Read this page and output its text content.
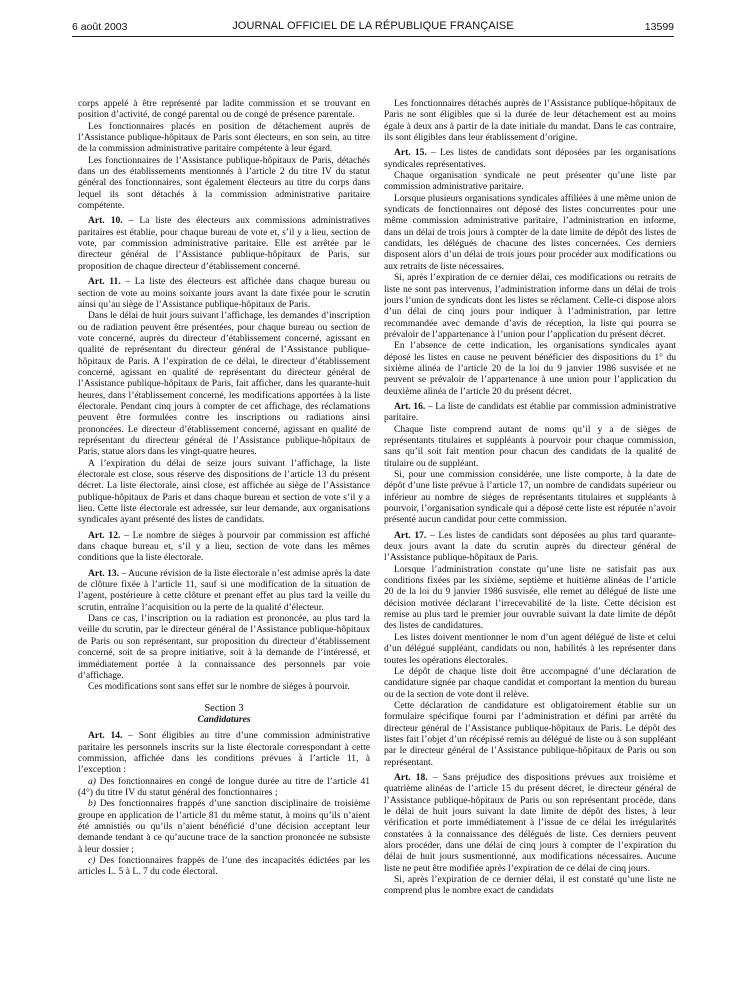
6 août 2003	JOURNAL OFFICIEL DE LA RÉPUBLIQUE FRANÇAISE	13599

corps appelé à être représenté par ladite commission et se trouvant en position d’activité, de congé parental ou de congé de présence parentale.

Les fonctionnaires placés en position de détachement auprès de l’Assistance publique-hôpitaux de Paris sont électeurs, en son sein, au titre de la commission administrative paritaire compétente à leur égard.

Les fonctionnaires de l’Assistance publique-hôpitaux de Paris, détachés dans un des établissements mentionnés à l’article 2 du titre IV du statut général des fonctionnaires, sont également électeurs au titre du corps dans lequel ils sont détachés à la commission administrative paritaire compétente.

Art. 10. – La liste des électeurs aux commissions administratives paritaires est établie, pour chaque bureau de vote et, s’il y a lieu, section de vote, par commission administrative paritaire. Elle est arrêtée par le directeur général de l’Assistance publique-hôpitaux de Paris, sur proposition de chaque directeur d’établissement concerné.

Art. 11. – La liste des électeurs est affichée dans chaque bureau ou section de vote au moins soixante jours avant la date fixée pour le scrutin ainsi qu’au siège de l’Assistance publique-hôpitaux de Paris.

Dans le délai de huit jours suivant l’affichage, les demandes d’inscription ou de radiation peuvent être présentées, pour chaque bureau ou section de vote concerné, auprès du directeur d’établissement concerné, agissant en qualité de représentant du directeur général de l’Assistance publique-hôpitaux de Paris. A l’expiration de ce délai, le directeur d’établissement concerné, agissant en qualité de représentant du directeur général de l’Assistance publique-hôpitaux de Paris, fait afficher, dans les quarante-huit heures, dans l’établissement concerné, les modifications apportées à la liste électorale. Pendant cinq jours à compter de cet affichage, des réclamations peuvent être formulées contre les inscriptions ou radiations ainsi prononcées. Le directeur d’établissement concerné, agissant en qualité de représentant du directeur général de l’Assistance publique-hôpitaux de Paris, statue alors dans les vingt-quatre heures.

A l’expiration du délai de seize jours suivant l’affichage, la liste électorale est close, sous réserve des dispositions de l’article 13 du présent décret. La liste électorale, ainsi close, est affichée au siège de l’Assistance publique-hôpitaux de Paris et dans chaque bureau et section de vote s’il y a lieu. Cette liste électorale est adressée, sur leur demande, aux organisations syndicales ayant présenté des listes de candidats.

Art. 12. – Le nombre de sièges à pourvoir par commission est affiché dans chaque bureau et, s’il y a lieu, section de vote dans les mêmes conditions que la liste électorale.

Art. 13. – Aucune révision de la liste électorale n’est admise après la date de clôture fixée à l’article 11, sauf si une modification de la situation de l’agent, postérieure à cette clôture et prenant effet au plus tard la veille du scrutin, entraîne l’acquisition ou la perte de la qualité d’électeur.

Dans ce cas, l’inscription ou la radiation est prononcée, au plus tard la veille du scrutin, par le directeur général de l’Assistance publique-hôpitaux de Paris ou son représentant, sur proposition du directeur d’établissement concerné, soit de sa propre initiative, soit à la demande de l’intéressé, et immédiatement portée à la connaissance des personnels par voie d’affichage.

Ces modifications sont sans effet sur le nombre de sièges à pourvoir.

Section 3
Candidatures

Art. 14. – Sont éligibles au titre d’une commission administrative paritaire les personnels inscrits sur la liste électorale correspondant à cette commission, affichée dans les conditions prévues à l’article 11, à l’exception :

a) Des fonctionnaires en congé de longue durée au titre de l’article 41 (4°) du titre IV du statut général des fonctionnaires ;

b) Des fonctionnaires frappés d’une sanction disciplinaire de troisième groupe en application de l’article 81 du même statut, à moins qu’ils n’aient été amnistiés ou qu’ils n’aient bénéficié d’une décision acceptant leur demande tendant à ce qu’aucune trace de la sanction prononcée ne subsiste à leur dossier ;

c) Des fonctionnaires frappés de l’une des incapacités édictées par les articles L. 5 à L. 7 du code électoral.

Les fonctionnaires détachés auprès de l’Assistance publique-hôpitaux de Paris ne sont éligibles que si la durée de leur détachement est au moins égale à deux ans à partir de la date initiale du mandat. Dans le cas contraire, ils sont éligibles dans leur établissement d’origine.

Art. 15. – Les listes de candidats sont déposées par les organisations syndicales représentatives.

Chaque organisation syndicale ne peut présenter qu’une liste par commission administrative paritaire.

Lorsque plusieurs organisations syndicales affiliées à une même union de syndicats de fonctionnaires ont déposé des listes concurrentes pour une même commission administrative paritaire, l’administration en informe, dans un délai de trois jours à compter de la date limite de dépôt des listes de candidats, les délégués de chacune des listes concernées. Ces derniers disposent alors d’un délai de trois jours pour procéder aux modifications ou aux retraits de liste nécessaires.

Si, après l’expiration de ce dernier délai, ces modifications ou retraits de liste ne sont pas intervenus, l’administration informe dans un délai de trois jours l’union de syndicats dont les listes se réclament. Celle-ci dispose alors d’un délai de cinq jours pour indiquer à l’administration, par lettre recommandée avec demande d’avis de réception, la liste qui pourra se prévaloir de l’appartenance à l’union pour l’application du présent décret.

En l’absence de cette indication, les organisations syndicales ayant déposé les listes en cause ne peuvent bénéficier des dispositions du 1° du sixième alinéa de l’article 20 de la loi du 9 janvier 1986 susvisée et ne peuvent se prévaloir de l’appartenance à une union pour l’application du deuxième alinéa de l’article 20 du présent décret.

Art. 16. – La liste de candidats est établie par commission administrative paritaire.

Chaque liste comprend autant de noms qu’il y a de sièges de représentants titulaires et suppléants à pourvoir pour chaque commission, sans qu’il soit fait mention pour chacun des candidats de la qualité de titulaire ou de suppléant.

Si, pour une commission considérée, une liste comporte, à la date de dépôt d’une liste prévue à l’article 17, un nombre de candidats supérieur ou inférieur au nombre de sièges de représentants titulaires et suppléants à pourvoir, l’organisation syndicale qui a déposé cette liste est réputée n’avoir présenté aucun candidat pour cette commission.

Art. 17. – Les listes de candidats sont déposées au plus tard quarante-deux jours avant la date du scrutin auprès du directeur général de l’Assistance publique-hôpitaux de Paris.

Lorsque l’administration constate qu’une liste ne satisfait pas aux conditions fixées par les sixième, septième et huitième alinéas de l’article 20 de la loi du 9 janvier 1986 susvisée, elle remet au délégué de liste une décision motivée déclarant l’irrecevabilité de la liste. Cette décision est remise au plus tard le premier jour ouvrable suivant la date limite de dépôt des listes de candidatures.

Les listes doivent mentionner le nom d’un agent délégué de liste et celui d’un délégué suppléant, candidats ou non, habilités à les représenter dans toutes les opérations électorales.

Le dépôt de chaque liste doit être accompagné d’une déclaration de candidature signée par chaque candidat et comportant la mention du bureau ou de la section de vote dont il relève.

Cette déclaration de candidature est obligatoirement établie sur un formulaire spécifique fourni par l’administration et défini par arrêté du directeur général de l’Assistance publique-hôpitaux de Paris. Le dépôt des listes fait l’objet d’un récépissé remis au délégué de liste ou à son suppléant par le directeur général de l’Assistance publique-hôpitaux de Paris ou son représentant.

Art. 18. – Sans préjudice des dispositions prévues aux troisième et quatrième alinéas de l’article 15 du présent décret, le directeur général de l’Assistance publique-hôpitaux de Paris ou son représentant procède, dans le délai de huit jours suivant la date limite de dépôt des listes, à leur vérification et porte immédiatement à l’issue de ce délai les irrégularités constatées à la connaissance des délégués de liste. Ces derniers peuvent alors procéder, dans une délai de cinq jours à compter de l’expiration du délai de huit jours susmentionné, aux modifications nécessaires. Aucune liste ne peut être modifiée après l’expiration de ce délai de cinq jours.

Si, après l’expiration de ce dernier délai, il est constaté qu’une liste ne comprend plus le nombre exact de candidats
